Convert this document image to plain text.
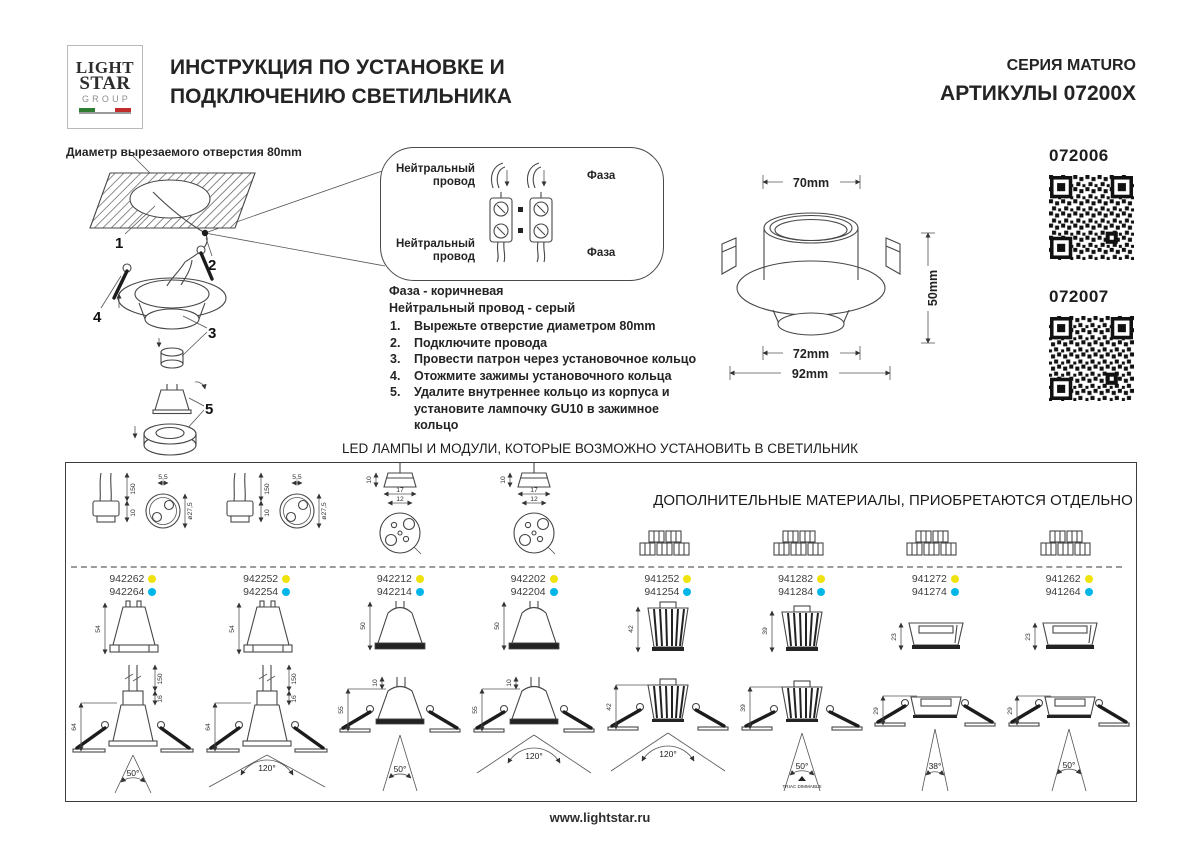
LIGHT
STAR
GROUP
ИНСТРУКЦИЯ ПО УСТАНОВКЕ И
ПОДКЛЮЧЕНИЮ СВЕТИЛЬНИКА
СЕРИЯ MATURO
АРТИКУЛЫ 07200X
Диаметр вырезаемого отверстия 80mm
1
2
4
3
5
Нейтральный провод	Фаза
Нейтральный провод	Фаза
Фаза - коричневая
Нейтральный провод - серый
Вырежьте отверстие диаметром 80mm
Подключите провода
Провести патрон через установочное кольцо
Отожмите зажимы установочного кольца
Удалите внутреннее кольцо из корпуса и установите лампочку GU10 в зажимное кольцо
70mm
50mm
72mm
92mm
072006
072007
LED ЛАМПЫ И МОДУЛИ, КОТОРЫЕ ВОЗМОЖНО УСТАНОВИТЬ В СВЕТИЛЬНИК
ДОПОЛНИТЕЛЬНЫЕ МАТЕРИАЛЫ, ПРИОБРЕТАЮТСЯ ОТДЕЛЬНО
150
10
5,5
ø27,5
942262
942264
54
150
16
64
50°
150
10
5,5
ø27,5
942252
942254
54
150
16
64
120°
10
17
12
942212
942214
50
10
55
50°
10
17
12
942202
942204
50
10
55
120°
941252
941254
42
42
120°
941282
941284
39
39
50°
TRIAC DIMMABLE
941272
941274
23
29
38°
941262
941264
23
29
50°
www.lightstar.ru
